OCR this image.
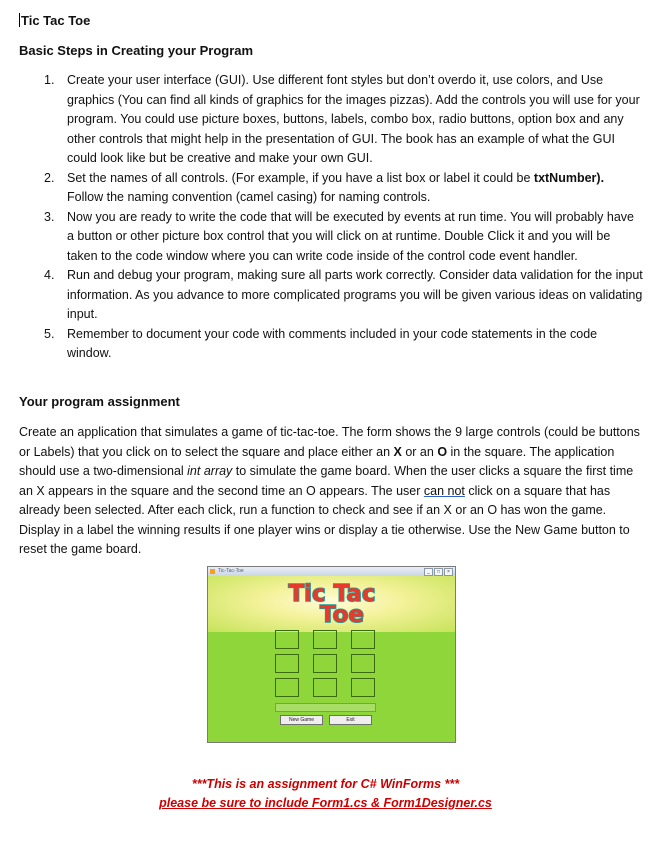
Tic Tac Toe
Basic Steps in Creating your Program
1. Create your user interface (GUI). Use different font styles but don’t overdo it, use colors, and Use graphics (You can find all kinds of graphics for the images pizzas). Add the controls you will use for your program. You could use picture boxes, buttons, labels, combo box, radio buttons, option box and any other controls that might help in the presentation of GUI. The book has an example of what the GUI could look like but be creative and make your own GUI.
2. Set the names of all controls. (For example, if you have a list box or label it could be txtNumber). Follow the naming convention (camel casing) for naming controls.
3. Now you are ready to write the code that will be executed by events at run time. You will probably have a button or other picture box control that you will click on at runtime. Double Click it and you will be taken to the code window where you can write code inside of the control code event handler.
4. Run and debug your program, making sure all parts work correctly. Consider data validation for the input information. As you advance to more complicated programs you will be given various ideas on validating input.
5. Remember to document your code with comments included in your code statements in the code window.
Your program assignment
Create an application that simulates a game of tic-tac-toe. The form shows the 9 large controls (could be buttons or Labels) that you click on to select the square and place either an X or an O in the square. The application should use a two-dimensional int array to simulate the game board. When the user clicks a square the first time an X appears in the square and the second time an O appears. The user can not click on a square that has already been selected. After each click, run a function to check and see if an X or an O has won the game. Display in a label the winning results if one player wins or display a tie otherwise. Use the New Game button to reset the game board.
Tic-Tac-Toe	_	□	×
Tic Tac
Toe
New Game	Exit
***This is an assignment for C# WinForms ***
please be sure to include Form1.cs & Form1Designer.cs
